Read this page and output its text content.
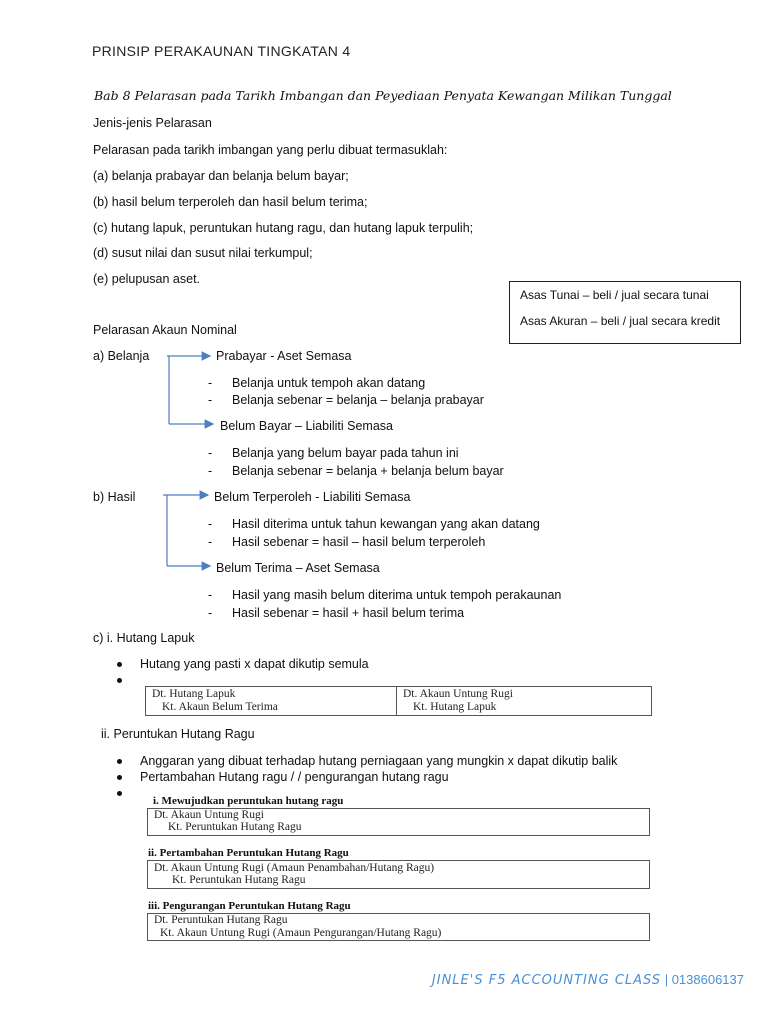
PRINSIP PERAKAUNAN TINGKATAN 4
Bab 8 Pelarasan pada Tarikh Imbangan dan Peyediaan Penyata Kewangan Milikan Tunggal
Jenis-jenis Pelarasan
Pelarasan pada tarikh imbangan yang perlu dibuat termasuklah:
(a) belanja prabayar dan belanja belum bayar;
(b) hasil belum terperoleh dan hasil belum terima;
(c) hutang lapuk, peruntukan hutang ragu, dan hutang lapuk terpulih;
(d) susut nilai dan susut nilai terkumpul;
(e) pelupusan aset.
Asas Tunai – beli / jual secara tunai
Asas Akuran – beli / jual secara kredit
Pelarasan Akaun Nominal
a) Belanja	Prabayar - Aset Semasa
- Belanja untuk tempoh akan datang
- Belanja sebenar = belanja – belanja prabayar
Belum Bayar – Liabiliti Semasa
- Belanja yang belum bayar pada tahun ini
- Belanja sebenar = belanja + belanja belum bayar
b) Hasil	Belum Terperoleh - Liabiliti Semasa
- Hasil diterima untuk tahun kewangan yang akan datang
- Hasil sebenar = hasil – hasil belum terperoleh
Belum Terima – Aset Semasa
- Hasil yang masih belum diterima untuk tempoh perakaunan
- Hasil sebenar = hasil + hasil belum terima
c) i. Hutang Lapuk
Hutang yang pasti x dapat dikutip semula
Dt. Hutang Lapuk
Kt. Akaun Belum Terima
Dt. Akaun Untung Rugi
Kt. Hutang Lapuk
ii. Peruntukan Hutang Ragu
Anggaran yang dibuat terhadap hutang perniagaan yang mungkin x dapat dikutip balik
Pertambahan Hutang ragu / / pengurangan hutang ragu
i. Mewujudkan peruntukan hutang ragu
Dt. Akaun Untung Rugi
Kt. Peruntukan Hutang Ragu
ii. Pertambahan Peruntukan Hutang Ragu
Dt. Akaun Untung Rugi (Amaun Penambahan/Hutang Ragu)
Kt. Peruntukan Hutang Ragu
iii. Pengurangan Peruntukan Hutang Ragu
Dt. Peruntukan Hutang Ragu
Kt. Akaun Untung Rugi (Amaun Pengurangan/Hutang Ragu)
JINLE'S F5 ACCOUNTING CLASS | 0138606137
